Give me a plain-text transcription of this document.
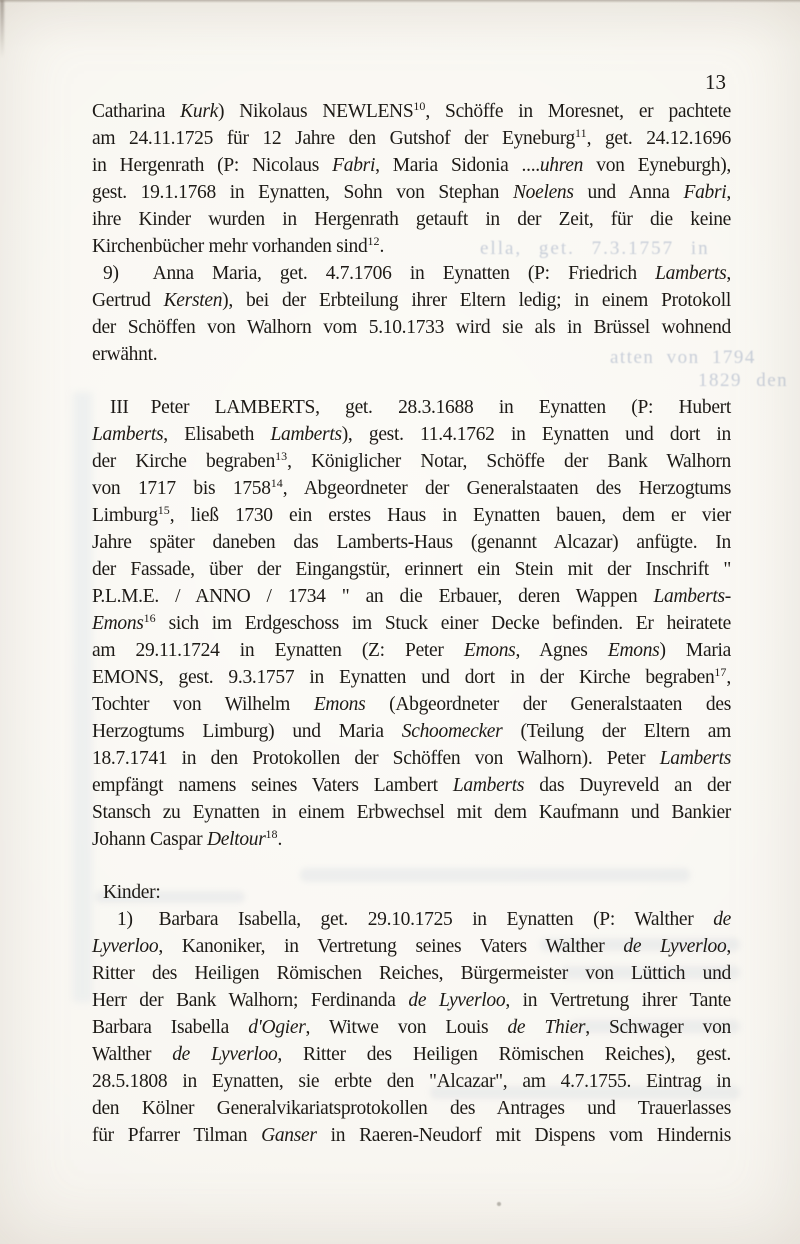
13
Catharina Kurk) Nikolaus NEWLENS$^{10}$, Schöffe in Moresnet, er pachtete
am 24.11.1725 für 12 Jahre den Gutshof der Eyneburg$^{11}$, get. 24.12.1696
in Hergenrath (P: Nicolaus Fabri, Maria Sidonia ....uhren von Eyneburgh),
gest. 19.1.1768 in Eynatten, Sohn von Stephan Noelens und Anna Fabri,
ihre Kinder wurden in Hergenrath getauft in der Zeit, für die keine
Kirchenbücher mehr vorhanden sind$^{12}$.
9) Anna Maria, get. 4.7.1706 in Eynatten (P: Friedrich Lamberts,
Gertrud Kersten), bei der Erbteilung ihrer Eltern ledig; in einem Protokoll
der Schöffen von Walhorn vom 5.10.1733 wird sie als in Brüssel wohnend
erwähnt.
III Peter LAMBERTS, get. 28.3.1688 in Eynatten (P: Hubert
Lamberts, Elisabeth Lamberts), gest. 11.4.1762 in Eynatten und dort in
der Kirche begraben$^{13}$, Königlicher Notar, Schöffe der Bank Walhorn
von 1717 bis 1758$^{14}$, Abgeordneter der Generalstaaten des Herzogtums
Limburg$^{15}$, ließ 1730 ein erstes Haus in Eynatten bauen, dem er vier
Jahre später daneben das Lamberts-Haus (genannt Alcazar) anfügte. In
der Fassade, über der Eingangstür, erinnert ein Stein mit der Inschrift "
P.L.M.E. / ANNO / 1734 " an die Erbauer, deren Wappen Lamberts-
Emons$^{16}$ sich im Erdgeschoss im Stuck einer Decke befinden. Er heiratete
am 29.11.1724 in Eynatten (Z: Peter Emons, Agnes Emons) Maria
EMONS, gest. 9.3.1757 in Eynatten und dort in der Kirche begraben$^{17}$,
Tochter von Wilhelm Emons (Abgeordneter der Generalstaaten des
Herzogtums Limburg) und Maria Schoomecker (Teilung der Eltern am
18.7.1741 in den Protokollen der Schöffen von Walhorn). Peter Lamberts
empfängt namens seines Vaters Lambert Lamberts das Duyreveld an der
Stansch zu Eynatten in einem Erbwechsel mit dem Kaufmann und Bankier
Johann Caspar Deltour$^{18}$.
Kinder:
1) Barbara Isabella, get. 29.10.1725 in Eynatten (P: Walther de
Lyverloo, Kanoniker, in Vertretung seines Vaters Walther de Lyverloo,
Ritter des Heiligen Römischen Reiches, Bürgermeister von Lüttich und
Herr der Bank Walhorn; Ferdinanda de Lyverloo, in Vertretung ihrer Tante
Barbara Isabella d'Ogier, Witwe von Louis de Thier, Schwager von
Walther de Lyverloo, Ritter des Heiligen Römischen Reiches), gest.
28.5.1808 in Eynatten, sie erbte den "Alcazar", am 4.7.1755. Eintrag in
den Kölner Generalvikariatsprotokollen des Antrages und Trauerlasses
für Pfarrer Tilman Ganser in Raeren-Neudorf mit Dispens vom Hindernis
ella, get. 7.3.1757 in
atten von 1794
1829 den
